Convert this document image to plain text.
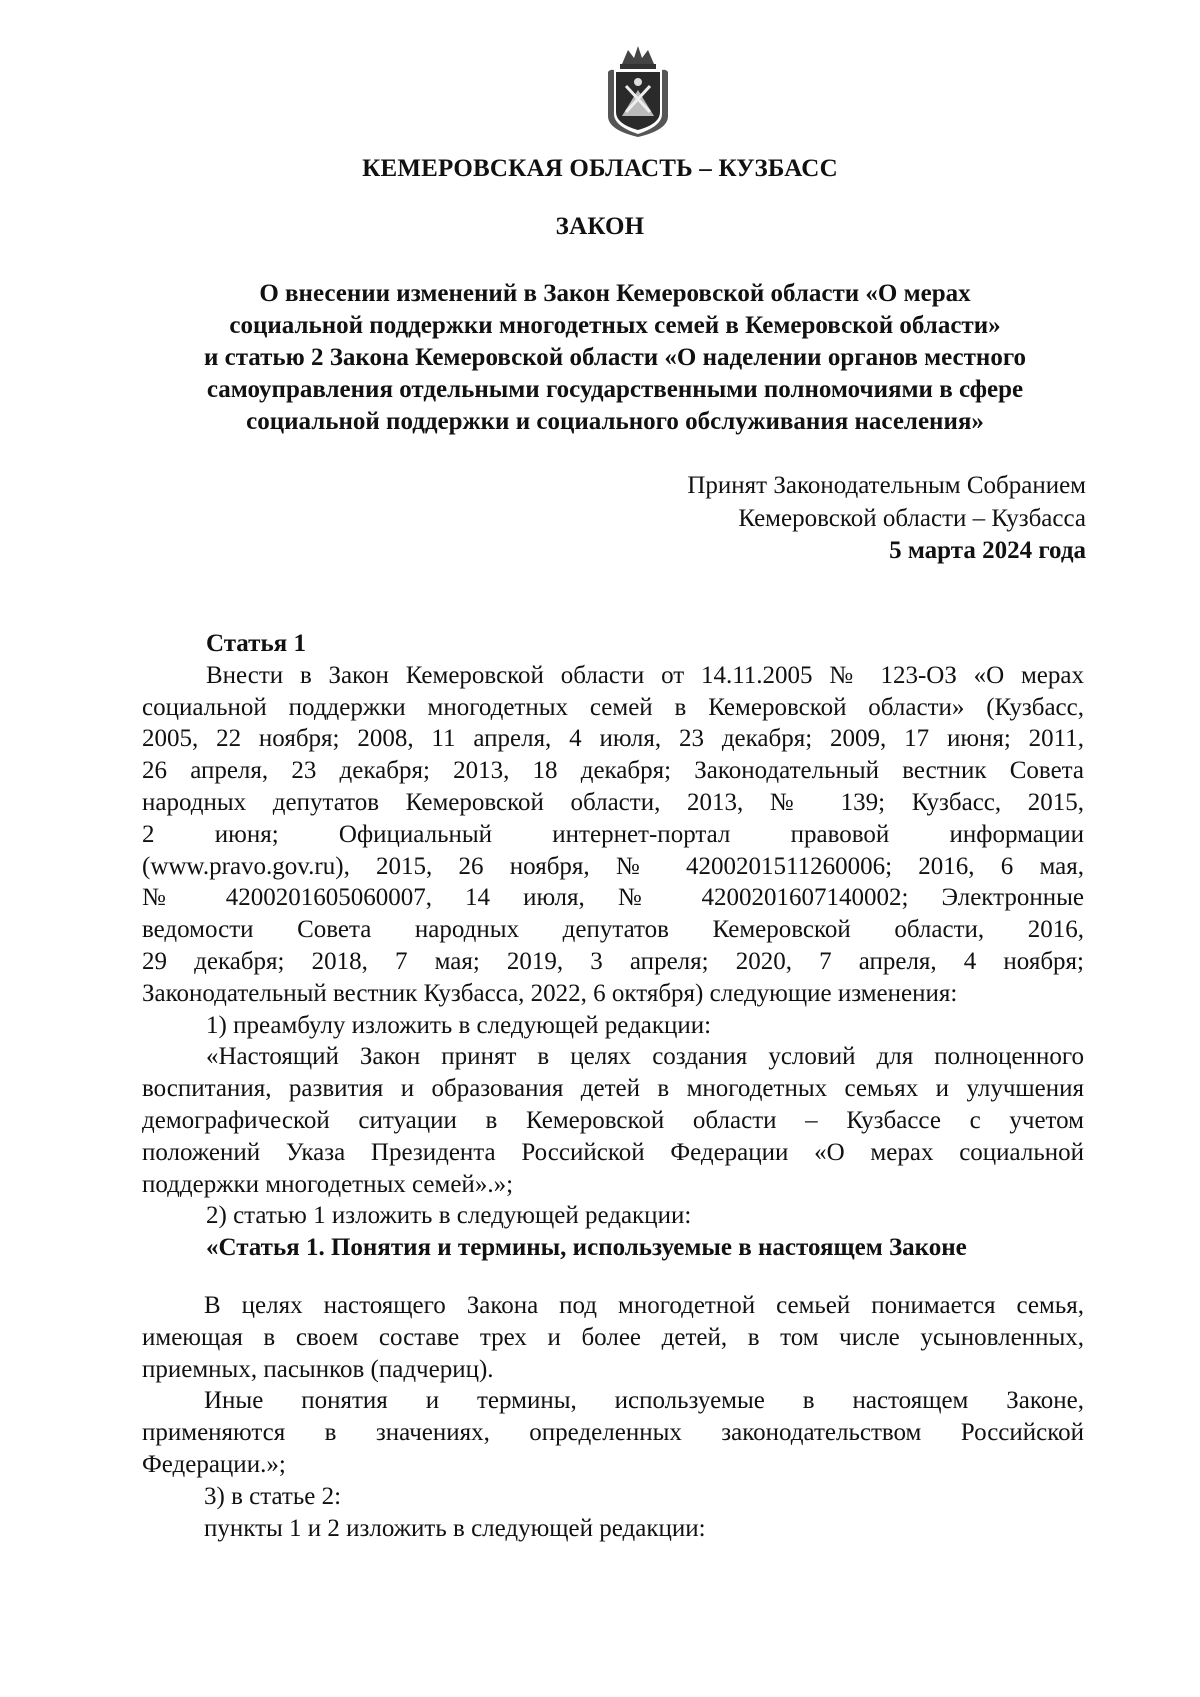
КЕМЕРОВСКАЯ ОБЛАСТЬ – КУЗБАСС
ЗАКОН
О внесении изменений в Закон Кемеровской области «О мерах
социальной поддержки многодетных семей в Кемеровской области»
и статью 2 Закона Кемеровской области «О наделении органов местного
самоуправления отдельными государственными полномочиями в сфере
социальной поддержки и социального обслуживания населения»
Принят Законодательным Собранием
Кемеровской области – Кузбасса
5 марта 2024 года
Статья 1
Внести в Закон Кемеровской области от 14.11.2005 № 123-ОЗ «О мерах
социальной поддержки многодетных семей в Кемеровской области» (Кузбасс,
2005, 22 ноября; 2008, 11 апреля, 4 июля, 23 декабря; 2009, 17 июня; 2011,
26 апреля, 23 декабря; 2013, 18 декабря; Законодательный вестник Совета
народных депутатов Кемеровской области, 2013, № 139; Кузбасс, 2015,
2 июня; Официальный интернет-портал правовой информации
(www.pravo.gov.ru), 2015, 26 ноября, № 4200201511260006; 2016, 6 мая,
№ 4200201605060007, 14 июля, № 4200201607140002; Электронные
ведомости Совета народных депутатов Кемеровской области, 2016,
29 декабря; 2018, 7 мая; 2019, 3 апреля; 2020, 7 апреля, 4 ноября;
Законодательный вестник Кузбасса, 2022, 6 октября) следующие изменения:
1) преамбулу изложить в следующей редакции:
«Настоящий Закон принят в целях создания условий для полноценного
воспитания, развития и образования детей в многодетных семьях и улучшения
демографической ситуации в Кемеровской области – Кузбассе с учетом
положений Указа Президента Российской Федерации «О мерах социальной
поддержки многодетных семей».»;
2) статью 1 изложить в следующей редакции:
«Статья 1. Понятия и термины, используемые в настоящем Законе
В целях настоящего Закона под многодетной семьей понимается семья,
имеющая в своем составе трех и более детей, в том числе усыновленных,
приемных, пасынков (падчериц).
Иные понятия и термины, используемые в настоящем Законе,
применяются в значениях, определенных законодательством Российской
Федерации.»;
3) в статье 2:
пункты 1 и 2 изложить в следующей редакции:
